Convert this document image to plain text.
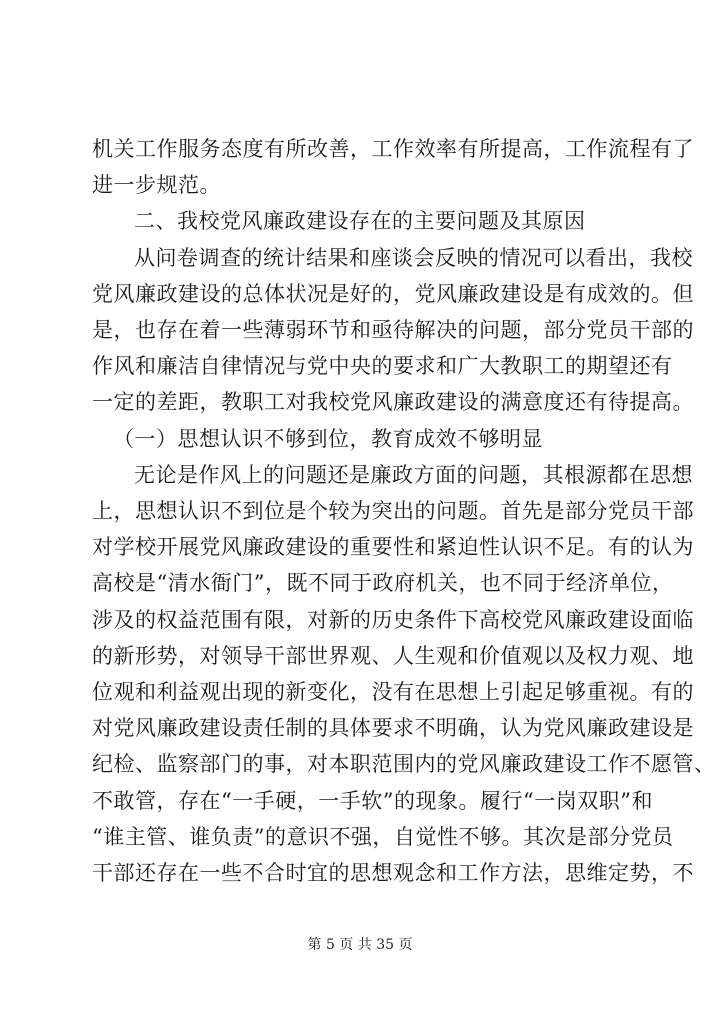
机关工作服务态度有所改善，工作效率有所提高，工作流程有了
进一步规范。
二、我校党风廉政建设存在的主要问题及其原因
从问卷调查的统计结果和座谈会反映的情况可以看出，我校
党风廉政建设的总体状况是好的，党风廉政建设是有成效的。但
是，也存在着一些薄弱环节和亟待解决的问题，部分党员干部的
作风和廉洁自律情况与党中央的要求和广大教职工的期望还有
一定的差距，教职工对我校党风廉政建设的满意度还有待提高。
（一）思想认识不够到位，教育成效不够明显
无论是作风上的问题还是廉政方面的问题，其根源都在思想
上，思想认识不到位是个较为突出的问题。首先是部分党员干部
对学校开展党风廉政建设的重要性和紧迫性认识不足。有的认为
高校是“清水衙门”，既不同于政府机关，也不同于经济单位，
涉及的权益范围有限，对新的历史条件下高校党风廉政建设面临
的新形势，对领导干部世界观、人生观和价值观以及权力观、地
位观和利益观出现的新变化，没有在思想上引起足够重视。有的
对党风廉政建设责任制的具体要求不明确，认为党风廉政建设是
纪检、监察部门的事，对本职范围内的党风廉政建设工作不愿管、
不敢管，存在“一手硬，一手软”的现象。履行“一岗双职”和
“谁主管、谁负责”的意识不强，自觉性不够。其次是部分党员
干部还存在一些不合时宜的思想观念和工作方法，思维定势，不
第 5 页 共 35 页
